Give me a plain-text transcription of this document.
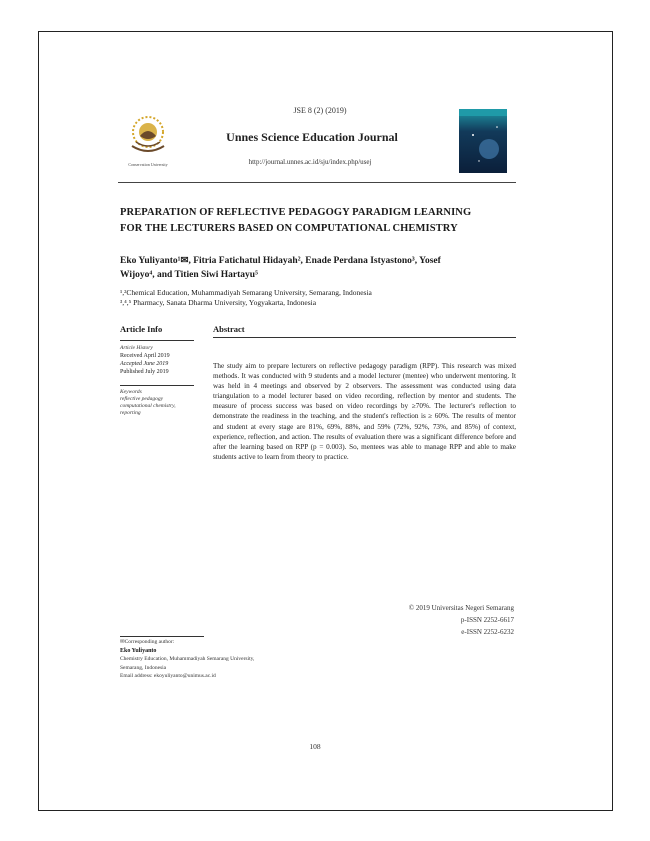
JSE 8 (2) (2019)
Conservation University
Unnes Science Education Journal
http://journal.unnes.ac.id/sju/index.php/usej
PREPARATION OF REFLECTIVE PEDAGOGY PARADIGM LEARNING
FOR THE LECTURERS BASED ON COMPUTATIONAL CHEMISTRY
Eko Yuliyanto¹✉, Fitria Fatichatul Hidayah², Enade Perdana Istyastono³, Yosef
Wijoyo⁴, and Titien Siwi Hartayu⁵
¹,²Chemical Education, Muhammadiyah Semarang University, Semarang, Indonesia
³,⁴,⁵ Pharmacy, Sanata Dharma University, Yogyakarta, Indonesia
Article Info
Article History
Received April 2019
Accepted June 2019
Published July 2019
Keywords
reflective pedagogy
computational chemistry,
reporting
Abstract
The study aim to prepare lecturers on reflective pedagogy paradigm (RPP). This research was mixed methods. It was conducted with 9 students and a model lecturer (mentee) who underwent mentoring. It was held in 4 meetings and observed by 2 observers. The assessment was conducted using data triangulation to a model lecturer based on video recording, reflection by mentor and students. The measure of process success was based on video recordings by ≥70%. The lecturer's reflection to demonstrate the readiness in the teaching, and the student's reflection is ≥ 60%. The results of mentor and student at every stage are 81%, 69%, 88%, and 59% (72%, 92%, 73%, and 85%) of context, experience, reflection, and action. The results of evaluation there was a significant difference before and after the learning based on RPP (p = 0.003). So, mentees was able to manage RPP and able to make students active to learn from theory to practice.
© 2019 Universitas Negeri Semarang
p-ISSN 2252-6617
e-ISSN 2252-6232
✉Corresponding author:
Eko Yuliyanto
Chemistry Education, Muhammadiyah Semarang University,
Semarang, Indonesia
Email address: ekoyuliyanto@unimus.ac.id
108
